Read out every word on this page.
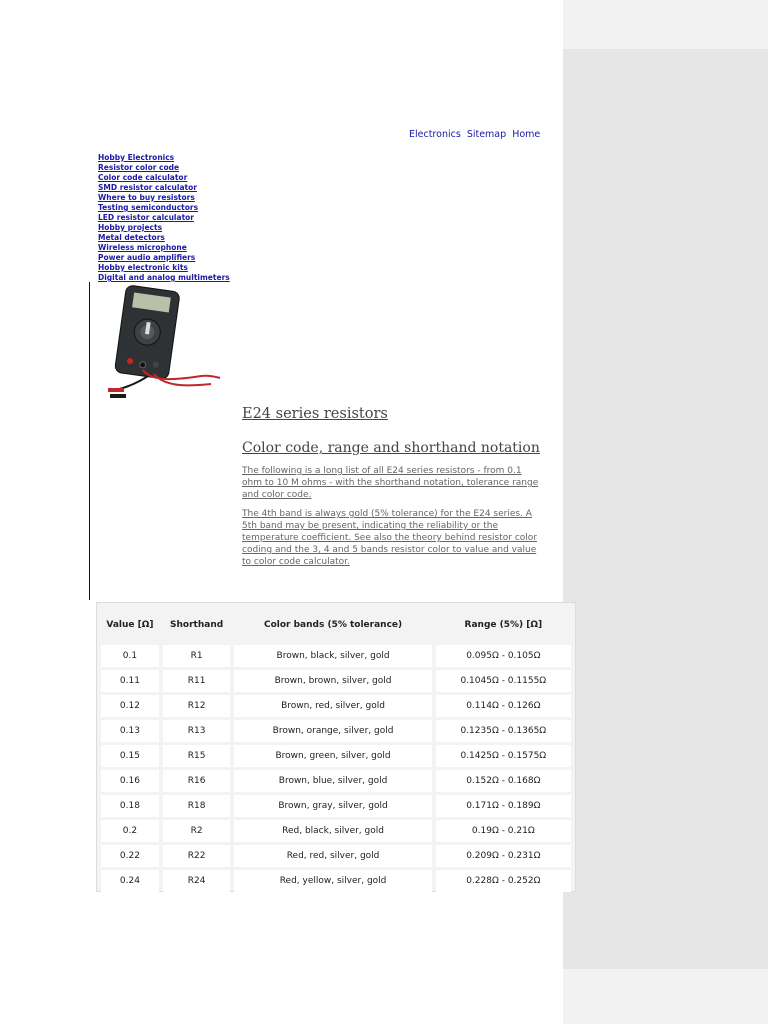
Electronics Sitemap Home
Hobby Electronics
Resistor color code
Color code calculator
SMD resistor calculator
Where to buy resistors
Testing semiconductors
LED resistor calculator
Hobby projects
Metal detectors
Wireless microphone
Power audio amplifiers
Hobby electronic kits
Digital and analog multimeters
E24 series resistors
Color code, range and shorthand notation

The following is a long list of all E24 series resistors - from 0.1 ohm to 10 M ohms - with the shorthand notation, tolerance range and color code.

The 4th band is always gold (5% tolerance) for the E24 series. A 5th band may be present, indicating the reliability or the temperature coefficient. See also the theory behind resistor color coding and the 3, 4 and 5 bands resistor color to value and value to color code calculator.

Value [Ω]	Shorthand	Color bands (5% tolerance)	Range (5%) [Ω]
0.1	R1	Brown, black, silver, gold	0.095Ω - 0.105Ω
0.11	R11	Brown, brown, silver, gold	0.1045Ω - 0.1155Ω
0.12	R12	Brown, red, silver, gold	0.114Ω - 0.126Ω
0.13	R13	Brown, orange, silver, gold	0.1235Ω - 0.1365Ω
0.15	R15	Brown, green, silver, gold	0.1425Ω - 0.1575Ω
0.16	R16	Brown, blue, silver, gold	0.152Ω - 0.168Ω
0.18	R18	Brown, gray, silver, gold	0.171Ω - 0.189Ω
0.2	R2	Red, black, silver, gold	0.19Ω - 0.21Ω
0.22	R22	Red, red, silver, gold	0.209Ω - 0.231Ω
0.24	R24	Red, yellow, silver, gold	0.228Ω - 0.252Ω
